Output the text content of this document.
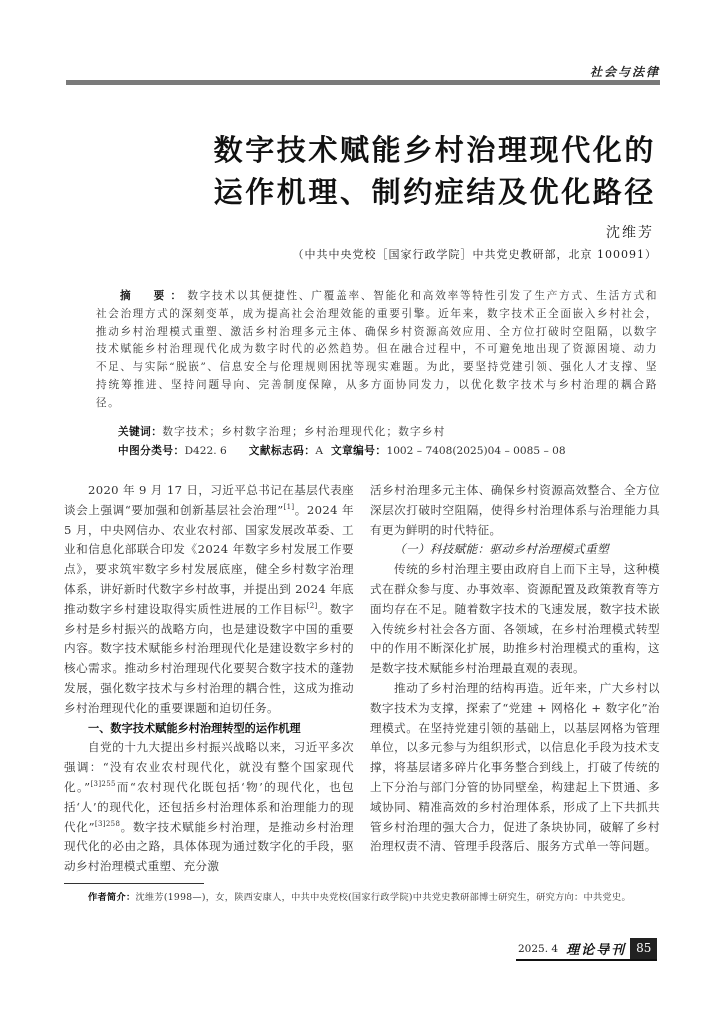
社会与法律
数字技术赋能乡村治理现代化的
运作机理、制约症结及优化路径
沈维芳
（中共中央党校［国家行政学院］中共党史教研部，北京 100091）
摘　要：数字技术以其便捷性、广覆盖率、智能化和高效率等特性引发了生产方式、生活方式和社会治理方式的深刻变革，成为提高社会治理效能的重要引擎。近年来，数字技术正全面嵌入乡村社会，推动乡村治理模式重塑、激活乡村治理多元主体、确保乡村资源高效应用、全方位打破时空阻隔，以数字技术赋能乡村治理现代化成为数字时代的必然趋势。但在融合过程中，不可避免地出现了资源困境、动力不足、与实际“脱嵌”、信息安全与伦理规则困扰等现实难题。为此，要坚持党建引领、强化人才支撑、坚持统筹推进、坚持问题导向、完善制度保障，从多方面协同发力，以优化数字技术与乡村治理的耦合路径。
关键词：数字技术；乡村数字治理；乡村治理现代化；数字乡村
中图分类号：D422. 6 文献标志码：A 文章编号：1002 – 7408(2025)04 – 0085 – 08

2020 年 9 月 17 日，习近平总书记在基层代表座谈会上强调“要加强和创新基层社会治理”[1]。2024 年 5 月，中央网信办、农业农村部、国家发展改革委、工业和信息化部联合印发《2024 年数字乡村发展工作要点》，要求筑牢数字乡村发展底座，健全乡村数字治理体系，讲好新时代数字乡村故事，并提出到 2024 年底推动数字乡村建设取得实质性进展的工作目标[2]。数字乡村是乡村振兴的战略方向，也是建设数字中国的重要内容。数字技术赋能乡村治理现代化是建设数字乡村的核心需求。推动乡村治理现代化要契合数字技术的蓬勃发展，强化数字技术与乡村治理的耦合性，这成为推动乡村治理现代化的重要课题和迫切任务。

一、数字技术赋能乡村治理转型的运作机理

自党的十九大提出乡村振兴战略以来，习近平多次强调：“没有农业农村现代化，就没有整个国家现代化。”$^{[3]255}$而“农村现代化既包括‘物’的现代化，也包括‘人’的现代化，还包括乡村治理体系和治理能力的现代化”$^{[3]258}$。数字技术赋能乡村治理，是推动乡村治理现代化的必由之路，具体体现为通过数字化的手段，驱动乡村治理模式重塑、充分激

活乡村治理多元主体、确保乡村资源高效整合、全方位深层次打破时空阻隔，使得乡村治理体系与治理能力具有更为鲜明的时代特征。

（一）科技赋能：驱动乡村治理模式重塑

传统的乡村治理主要由政府自上而下主导，这种模式在群众参与度、办事效率、资源配置及政策教育等方面均存在不足。随着数字技术的飞速发展，数字技术嵌入传统乡村社会各方面、各领域，在乡村治理模式转型中的作用不断深化扩展，助推乡村治理模式的重构，这是数字技术赋能乡村治理最直观的表现。

推动了乡村治理的结构再造。近年来，广大乡村以数字技术为支撑，探索了“党建 + 网格化 + 数字化”治理模式。在坚持党建引领的基础上，以基层网格为管理单位，以多元参与为组织形式，以信息化手段为技术支撑，将基层诸多碎片化事务整合到线上，打破了传统的上下分治与部门分管的协同壁垒，构建起上下贯通、多域协同、精准高效的乡村治理体系，形成了上下共抓共管乡村治理的强大合力，促进了条块协同，破解了乡村治理权责不清、管理手段落后、服务方式单一等问题。

作者简介：沈维芳(1998—)，女，陕西安康人，中共中央党校(国家行政学院)中共党史教研部博士研究生，研究方向：中共党史。
2025. 4 理论导刊 85
